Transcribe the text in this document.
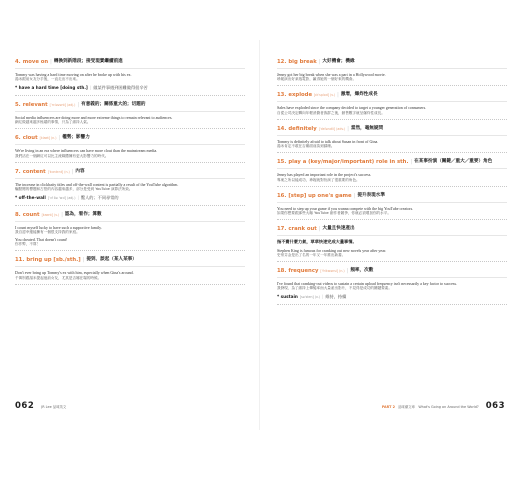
4. move on | 轉換到新階段；接受現實繼續前進
Tommy was having a hard time moving on after he broke up with his ex.
湯米跟前女友分手後，一直走出不出來。
* have a hard time [doing sth.] | 做某件事遇到困難做得很辛苦
5. relevant [ˈrɛləvənt] (adj.) | 有意義的；關係重大的；切題的
Social media influencers are doing more and more extreme things to remain relevant to audiences.
網紅做越來越多極端的事情，只為了維持人氣。
6. clout [klaʊt] (n.) | 權勢；影響力
We're living in an era where influencers can have more clout than the mainstream media.
我們活在一個網紅可以比主流媒體擁有更大影響力的時代。
7. content [ˈkɑntɛnt] (n.) | 內容
The increase in clickbaity titles and off-the-wall content is partially a result of the YouTube algorithm.
騙點閱的標題和古怪的內容越來越多，部分是受到 YouTube 演算法所致。
* off-the-wall [ˈɔf ðə ˈwɔl] (adj.) | 驚人的；不同尋常的
8. count [kaʊnt] (v.) | 認為，看作；算數
I count myself lucky to have such a supportive family.
我自認幸運能擁有一個很支持我的家庭。
You cheated. That doesn't count!
你作弊，不算！
11. bring up [sb./sth.] | 提到、談起（某人某事）
Don't ever bring up Tommy's ex with him, especially when Gina's around.
千萬別跟湯米提起他前女友，尤其是吉娜在場的時候。
12. big break | 大好機會；機緣
Jenny got her big break when she was a part in a Hollywood movie.
珍妮演出好萊塢電影，贏得她的一個好來的機會。
13. explode [ɪkˈsplod] (v.) | 激增，爆炸性成長
Sales have exploded since the company decided to target a younger generation of consumers.
自從公司決定轉向年輕消費者族群之後，銷售數字就呈爆炸性成長。
14. definitely [ˈdɛfənɪtli] (adv.) | 當然，毫無疑問
Tommy is definitely afraid to talk about Susan in front of Gina.
湯米肯定不敢在吉娜面前談到蘇珊。
15. play a (key/major/important) role in sth. | 在某事扮演（關鍵／重大／重要）角色
Jenny has played an important role in the project's success.
專案之所以能成功，珍妮就對扮演了很重要的角色。
16. [step] up one's game | 提升表現水準
You need to step up your game if you wanna compete with the big YouTube creators.
如果你想要跟那些大咖 YouTube 創作者競爭，你就必須增加你的水平。
17. crank out | 大量且快速產出
指不費什麼力氣，草草快速完成大量事情。
Stephen King is famous for cranking out new novels year after year.
史蒂芬金是出了名的一年又一年推出新書。
18. frequency [ˈfrikwənsi] (n.) | 頻率，次數
I've found that cranking-out videos to sustain a certain upload frequency isn't necessarily a key factor to success.
我發現，為了維持上傳頻率而大量產出影片，不見得是成功的關鍵要素。
* sustain [səˈsten] (v.) | 維持，持續
062 JR Lee 品味英文	PART 2 品味潮文章　What's Going on Around the World? 063
